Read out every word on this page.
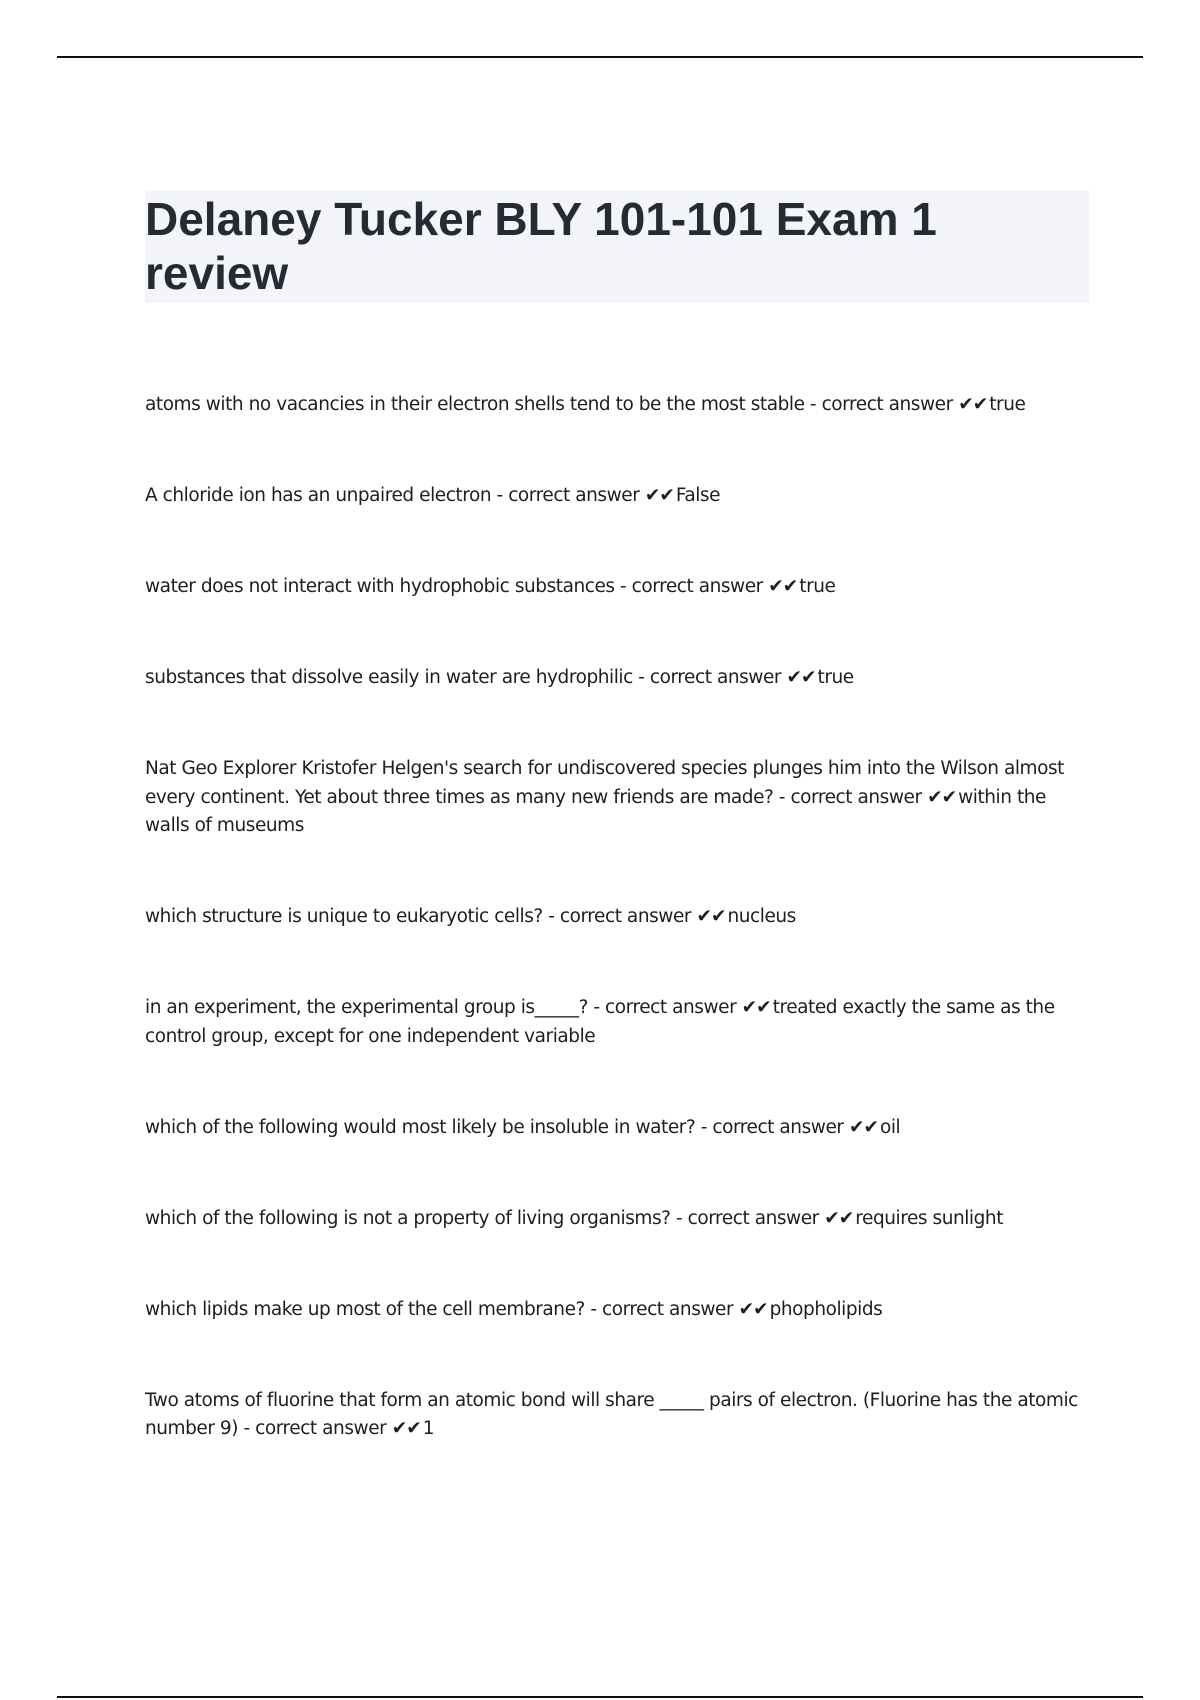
Delaney Tucker BLY 101-101 Exam 1 review
atoms with no vacancies in their electron shells tend to be the most stable - correct answer ✔✔ true
A chloride ion has an unpaired electron - correct answer ✔✔ False
water does not interact with hydrophobic substances - correct answer ✔✔ true
substances that dissolve easily in water are hydrophilic - correct answer ✔✔ true
Nat Geo Explorer Kristofer Helgen's search for undiscovered species plunges him into the Wilson almost every continent. Yet about three times as many new friends are made? - correct answer ✔✔ within the walls of museums
which structure is unique to eukaryotic cells? - correct answer ✔✔ nucleus
in an experiment, the experimental group is_____? - correct answer ✔✔ treated exactly the same as the control group, except for one independent variable
which of the following would most likely be insoluble in water? - correct answer ✔✔ oil
which of the following is not a property of living organisms? - correct answer ✔✔ requires sunlight
which lipids make up most of the cell membrane? - correct answer ✔✔ phopholipids
Two atoms of fluorine that form an atomic bond will share _____ pairs of electron. (Fluorine has the atomic number 9) - correct answer ✔✔ 1
